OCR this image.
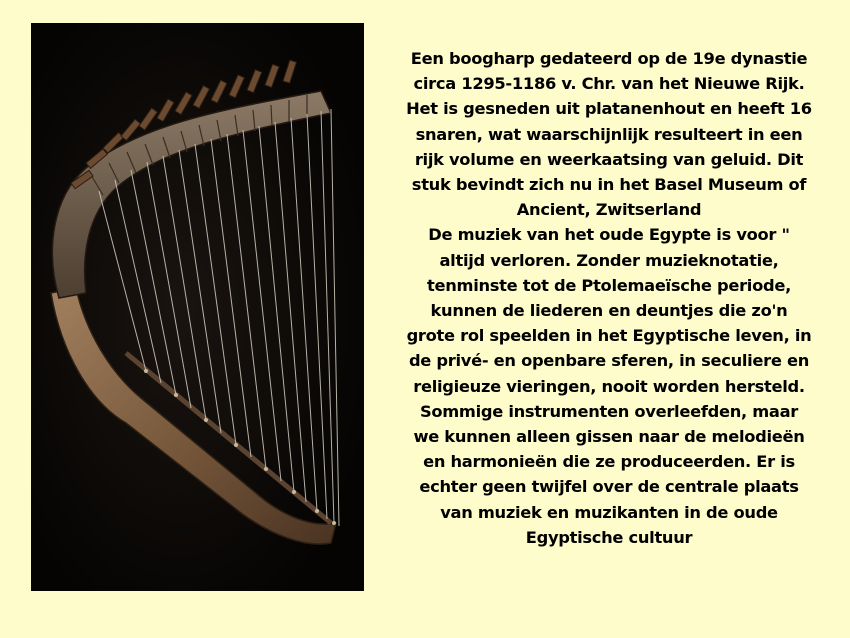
Een boogharp gedateerd op de 19e dynastie
circa 1295-1186 v. Chr. van het Nieuwe Rijk.
Het is gesneden uit platanenhout en heeft 16
snaren, wat waarschijnlijk resulteert in een
rijk volume en weerkaatsing van geluid. Dit
stuk bevindt zich nu in het Basel Museum of
Ancient, Zwitserland
De muziek van het oude Egypte is voor "
altijd verloren. Zonder muzieknotatie,
tenminste tot de Ptolemaeïsche periode,
kunnen de liederen en deuntjes die zo'n
grote rol speelden in het Egyptische leven, in
de privé- en openbare sferen, in seculiere en
religieuze vieringen, nooit worden hersteld.
Sommige instrumenten overleefden, maar
we kunnen alleen gissen naar de melodieën
en harmonieën die ze produceerden. Er is
echter geen twijfel over de centrale plaats
van muziek en muzikanten in de oude
Egyptische cultuur
